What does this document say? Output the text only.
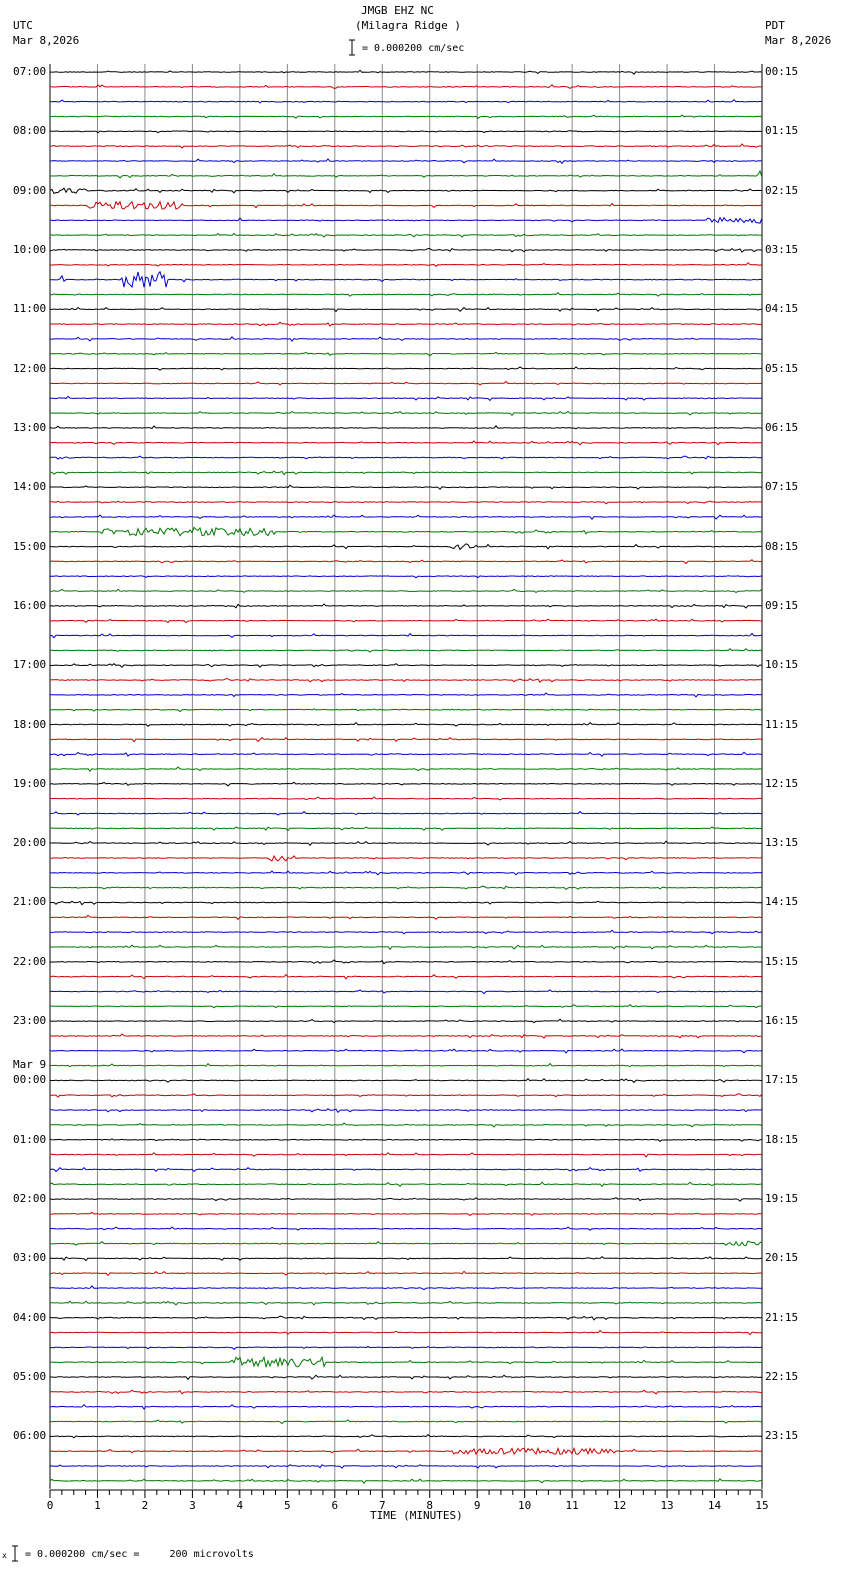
0	1	2	3	4	5	6	7	8	9	10	11	12	13	14	15
JMGB EHZ NC
(Milagra Ridge )
= 0.000200 cm/sec
UTC
Mar 8,2026
PDT
Mar 8,2026
07:00
08:00
09:00
10:00
11:00
12:00
13:00
14:00
15:00
16:00
17:00
18:00
19:00
20:00
21:00
22:00
23:00
00:00
Mar 9
01:00
02:00
03:00
04:00
05:00
06:00
00:15
01:15
02:15
03:15
04:15
05:15
06:15
07:15
08:15
09:15
10:15
11:15
12:15
13:15
14:15
15:15
16:15
17:15
18:15
19:15
20:15
21:15
22:15
23:15
TIME (MINUTES)
x = 0.000200 cm/sec =     200 microvolts
